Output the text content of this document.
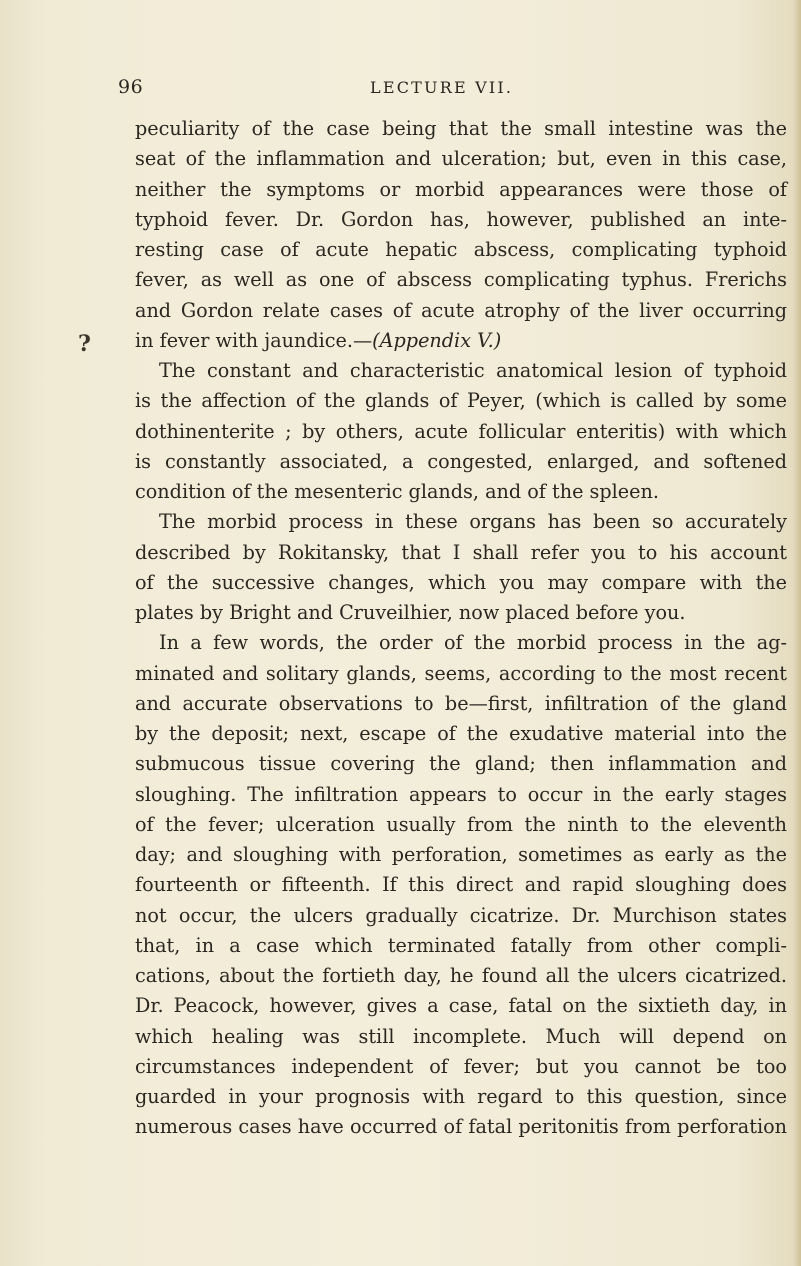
96	LECTURE VII.
?
peculiarity of the case being that the small intestine was the
seat of the inflammation and ulceration; but, even in this case,
neither the symptoms or morbid appearances were those of
typhoid fever. Dr. Gordon has, however, published an inte-
resting case of acute hepatic abscess, complicating typhoid
fever, as well as one of abscess complicating typhus. Frerichs
and Gordon relate cases of acute atrophy of the liver occurring
in fever with jaundice.—(Appendix V.)
The constant and characteristic anatomical lesion of typhoid
is the affection of the glands of Peyer, (which is called by some
dothinenterite ; by others, acute follicular enteritis) with which
is constantly associated, a congested, enlarged, and softened
condition of the mesenteric glands, and of the spleen.
The morbid process in these organs has been so accurately
described by Rokitansky, that I shall refer you to his account
of the successive changes, which you may compare with the
plates by Bright and Cruveilhier, now placed before you.
In a few words, the order of the morbid process in the ag-
minated and solitary glands, seems, according to the most recent
and accurate observations to be—first, infiltration of the gland
by the deposit; next, escape of the exudative material into the
submucous tissue covering the gland; then inflammation and
sloughing. The infiltration appears to occur in the early stages
of the fever; ulceration usually from the ninth to the eleventh
day; and sloughing with perforation, sometimes as early as the
fourteenth or fifteenth. If this direct and rapid sloughing does
not occur, the ulcers gradually cicatrize. Dr. Murchison states
that, in a case which terminated fatally from other compli-
cations, about the fortieth day, he found all the ulcers cicatrized.
Dr. Peacock, however, gives a case, fatal on the sixtieth day, in
which healing was still incomplete. Much will depend on
circumstances independent of fever; but you cannot be too
guarded in your prognosis with regard to this question, since
numerous cases have occurred of fatal peritonitis from perforation
